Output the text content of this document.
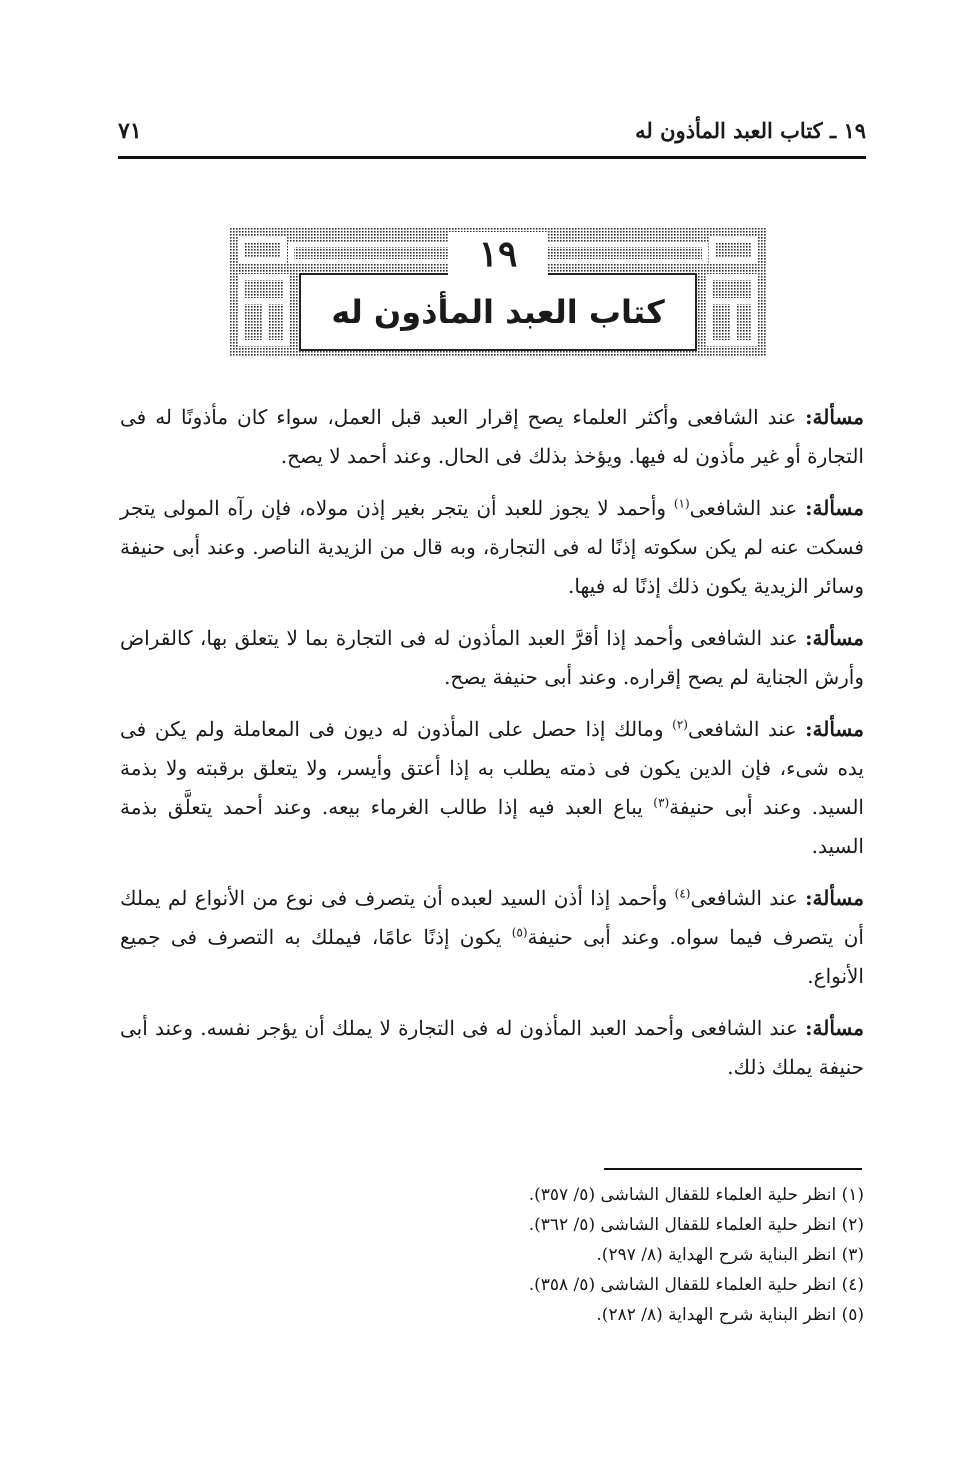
١٩ ـ كتاب العبد المأذون له
٧١
١٩
كتاب العبد المأذون له

مسألة: عند الشافعى وأكثر العلماء يصح إقرار العبد قبل العمل، سواء كان مأذونًا له فى التجارة أو غير مأذون له فيها. ويؤخذ بذلك فى الحال. وعند أحمد لا يصح.

مسألة: عند الشافعى$^{(١)}$ وأحمد لا يجوز للعبد أن يتجر بغير إذن مولاه، فإن رآه المولى يتجر فسكت عنه لم يكن سكوته إذنًا له فى التجارة، وبه قال من الزيدية الناصر. وعند أبى حنيفة وسائر الزيدية يكون ذلك إذنًا له فيها.

مسألة: عند الشافعى وأحمد إذا أقرَّ العبد المأذون له فى التجارة بما لا يتعلق بها، كالقراض وأرش الجناية لم يصح إقراره. وعند أبى حنيفة يصح.

مسألة: عند الشافعى$^{(٢)}$ ومالك إذا حصل على المأذون له ديون فى المعاملة ولم يكن فى يده شىء، فإن الدين يكون فى ذمته يطلب به إذا أعتق وأيسر، ولا يتعلق برقبته ولا بذمة السيد. وعند أبى حنيفة$^{(٣)}$ يباع العبد فيه إذا طالب الغرماء بيعه. وعند أحمد يتعلَّق بذمة السيد.

مسألة: عند الشافعى$^{(٤)}$ وأحمد إذا أذن السيد لعبده أن يتصرف فى نوع من الأنواع لم يملك أن يتصرف فيما سواه. وعند أبى حنيفة$^{(٥)}$ يكون إذنًا عامًا، فيملك به التصرف فى جميع الأنواع.

مسألة: عند الشافعى وأحمد العبد المأذون له فى التجارة لا يملك أن يؤجر نفسه. وعند أبى حنيفة يملك ذلك.

(١) انظر حلية العلماء للقفال الشاشى (٥/ ٣٥٧).

(٢) انظر حلية العلماء للقفال الشاشى (٥/ ٣٦٢).

(٣) انظر البناية شرح الهداية (٨/ ٢٩٧).

(٤) انظر حلية العلماء للقفال الشاشى (٥/ ٣٥٨).

(٥) انظر البناية شرح الهداية (٨/ ٢٨٢).
